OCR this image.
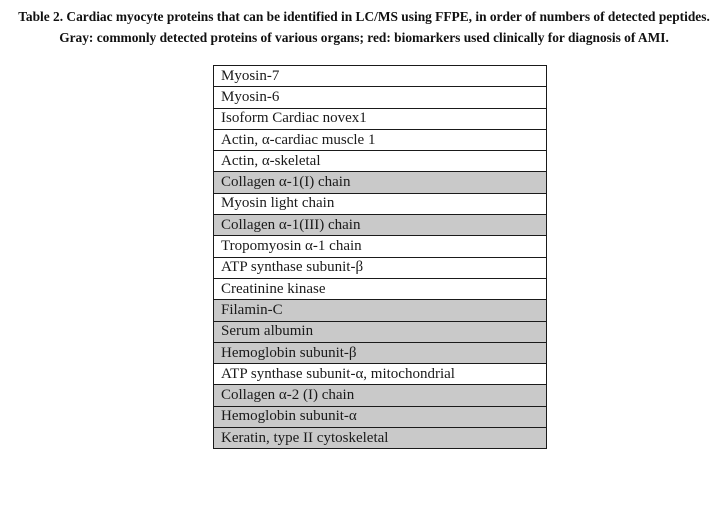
Table 2. Cardiac myocyte proteins that can be identified in LC/MS using FFPE, in order of numbers of detected peptides.
Gray: commonly detected proteins of various organs; red: biomarkers used clinically for diagnosis of AMI.
Myosin-7
Myosin-6
Isoform Cardiac novex1
Actin, α-cardiac muscle 1
Actin, α-skeletal
Collagen α-1(I) chain
Myosin light chain
Collagen α-1(III) chain
Tropomyosin α-1 chain
ATP synthase subunit-β
Creatinine kinase
Filamin-C
Serum albumin
Hemoglobin subunit-β
ATP synthase subunit-α, mitochondrial
Collagen α-2 (I) chain
Hemoglobin subunit-α
Keratin, type II cytoskeletal
